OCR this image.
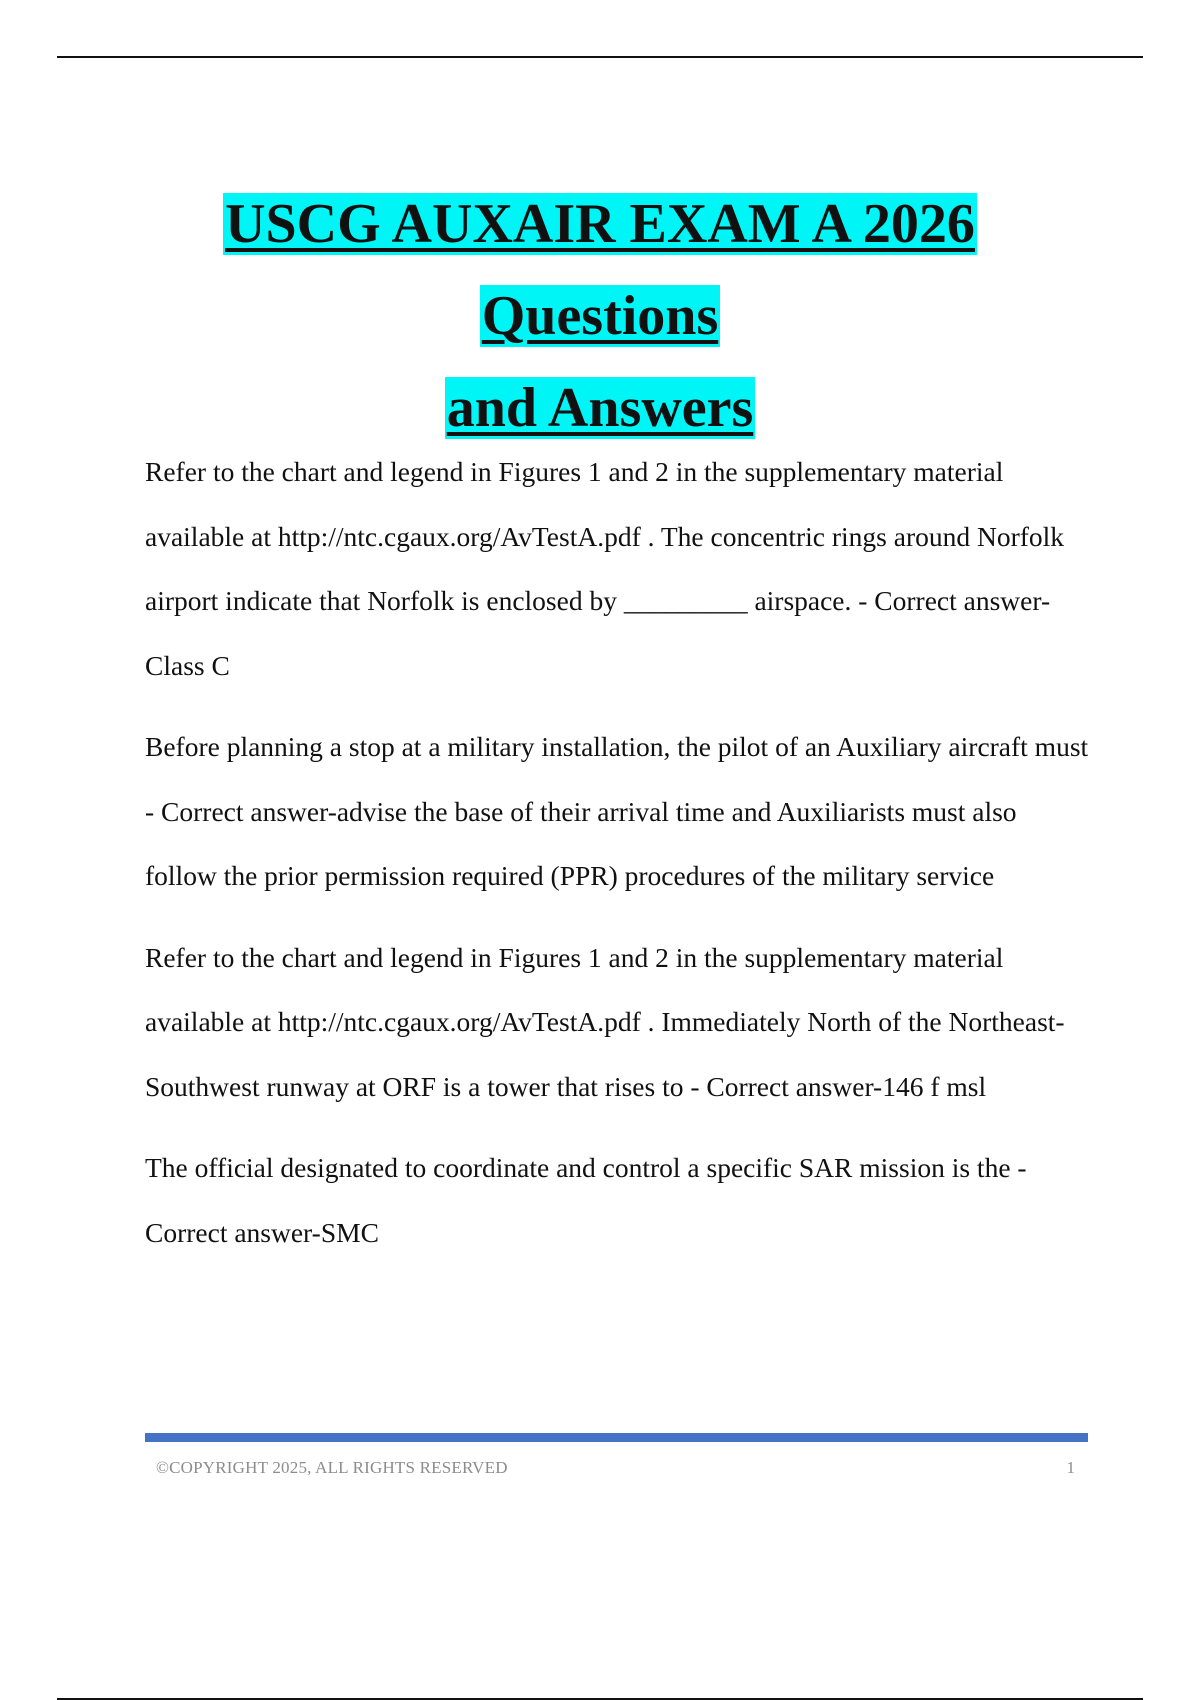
USCG AUXAIR EXAM A 2026 Questions
and Answers

Refer to the chart and legend in Figures 1 and 2 in the supplementary material available at http://ntc.cgaux.org/AvTestA.pdf . The concentric rings around Norfolk airport indicate that Norfolk is enclosed by _________ airspace. - Correct answer-Class C

Before planning a stop at a military installation, the pilot of an Auxiliary aircraft must - Correct answer-advise the base of their arrival time and Auxiliarists must also follow the prior permission required (PPR) procedures of the military service

Refer to the chart and legend in Figures 1 and 2 in the supplementary material available at http://ntc.cgaux.org/AvTestA.pdf . Immediately North of the Northeast-Southwest runway at ORF is a tower that rises to - Correct answer-146 f msl

The official designated to coordinate and control a specific SAR mission is the - Correct answer-SMC

©COPYRIGHT 2025, ALL RIGHTS RESERVED	1
